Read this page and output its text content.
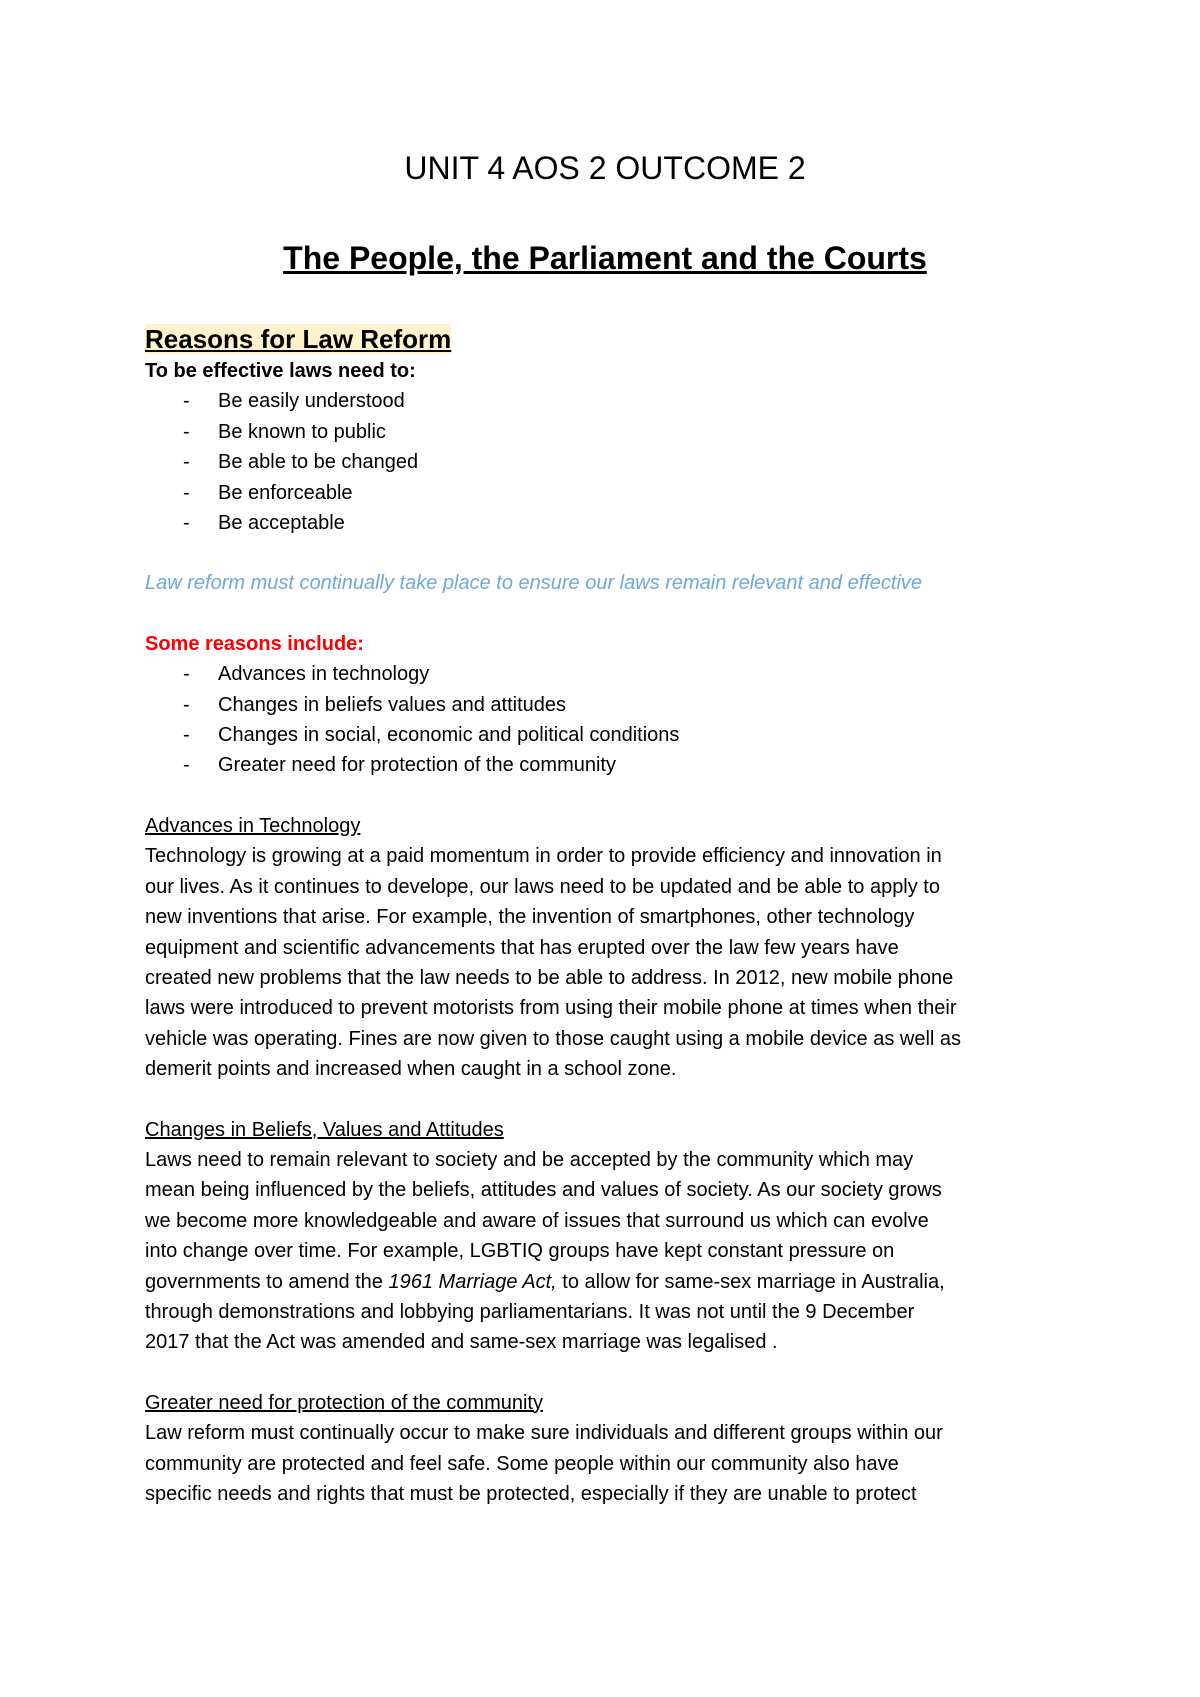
UNIT 4 AOS 2 OUTCOME 2
The People, the Parliament and the Courts
Reasons for Law Reform

To be effective laws need to:

- Be easily understood
- Be known to public
- Be able to be changed
- Be enforceable
- Be acceptable

Law reform must continually take place to ensure our laws remain relevant and effective

Some reasons include:

- Advances in technology
- Changes in beliefs values and attitudes
- Changes in social, economic and political conditions
- Greater need for protection of the community

Advances in Technology

Technology is growing at a paid momentum in order to provide efficiency and innovation in

our lives. As it continues to develope, our laws need to be updated and be able to apply to

new inventions that arise. For example, the invention of smartphones, other technology

equipment and scientific advancements that has erupted over the law few years have

created new problems that the law needs to be able to address. In 2012, new mobile phone

laws were introduced to prevent motorists from using their mobile phone at times when their

vehicle was operating. Fines are now given to those caught using a mobile device as well as

demerit points and increased when caught in a school zone.

Changes in Beliefs, Values and Attitudes

Laws need to remain relevant to society and be accepted by the community which may

mean being influenced by the beliefs, attitudes and values of society. As our society grows

we become more knowledgeable and aware of issues that surround us which can evolve

into change over time. For example, LGBTIQ groups have kept constant pressure on

governments to amend the 1961 Marriage Act, to allow for same-sex marriage in Australia,

through demonstrations and lobbying parliamentarians. It was not until the 9 December

2017 that the Act was amended and same-sex marriage was legalised .

Greater need for protection of the community

Law reform must continually occur to make sure individuals and different groups within our

community are protected and feel safe. Some people within our community also have

specific needs and rights that must be protected, especially if they are unable to protect
